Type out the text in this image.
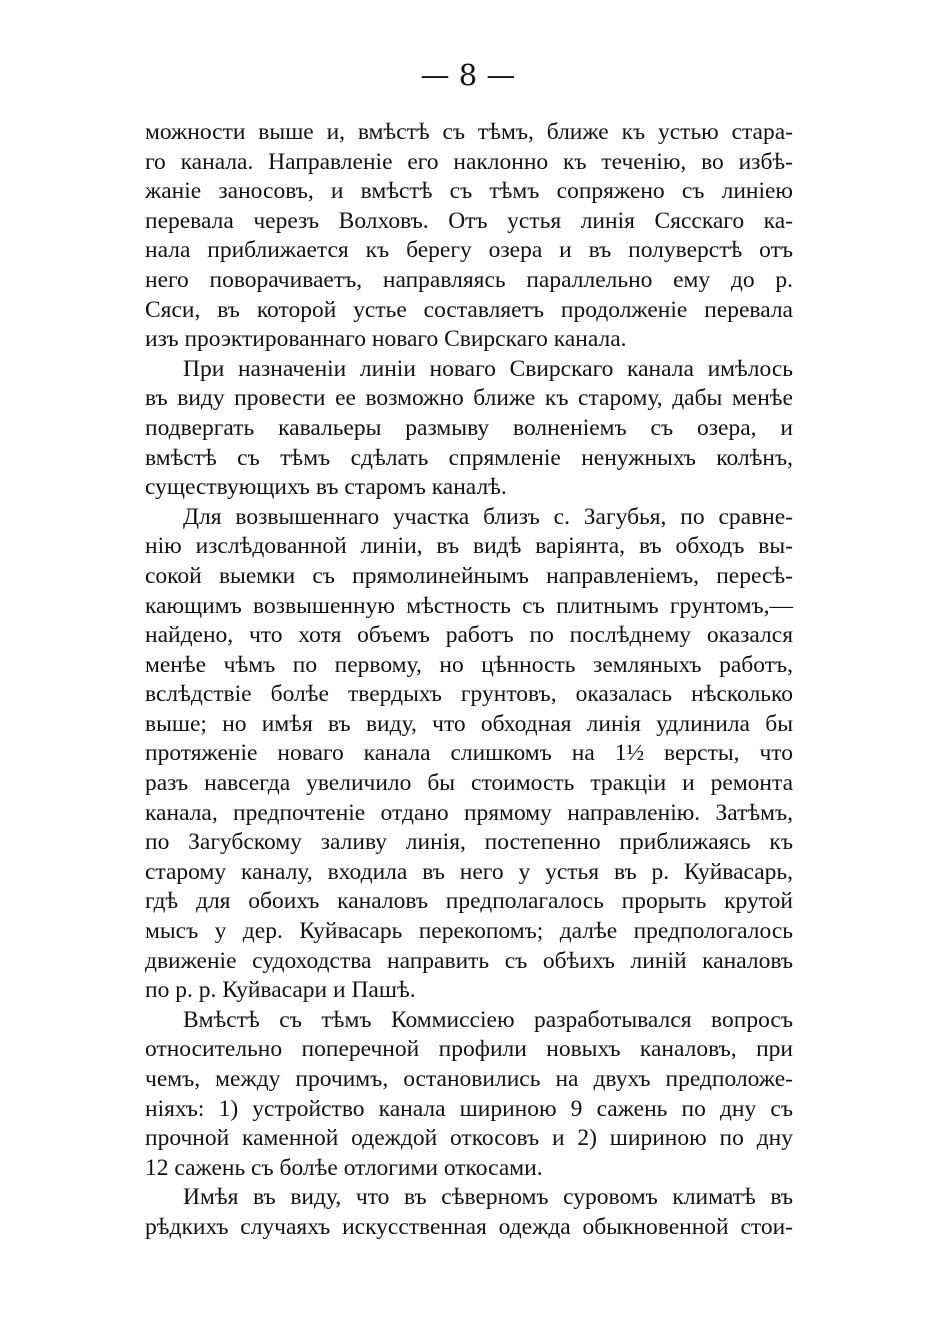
— 8 —
можности выше и, вмѣстѣ съ тѣмъ, ближе къ устью стара-
го канала. Направленіе его наклонно къ теченію, во избѣ-
жаніе заносовъ, и вмѣстѣ съ тѣмъ сопряжено съ линіею
перевала черезъ Волховъ. Отъ устья линія Сясскаго ка-
нала приближается къ берегу озера и въ полуверстѣ отъ
него поворачиваетъ, направляясь параллельно ему до р.
Сяси, въ которой устье составляетъ продолженіе перевала
изъ проэктированнаго новаго Свирскаго канала.
При назначеніи линіи новаго Свирскаго канала имѣлось
въ виду провести ее возможно ближе къ старому, дабы менѣе
подвергать кавальеры размыву волненіемъ съ озера, и
вмѣстѣ съ тѣмъ сдѣлать спрямленіе ненужныхъ колѣнъ,
существующихъ въ старомъ каналѣ.
Для возвышеннаго участка близъ с. Загубья, по сравне-
нію изслѣдованной линіи, въ видѣ варіянта, въ обходъ вы-
сокой выемки съ прямолинейнымъ направленіемъ, пересѣ-
кающимъ возвышенную мѣстность съ плитнымъ грунтомъ,—
найдено, что хотя объемъ работъ по послѣднему оказался
менѣе чѣмъ по первому, но цѣнность земляныхъ работъ,
вслѣдствіе болѣе твердыхъ грунтовъ, оказалась нѣсколько
выше; но имѣя въ виду, что обходная линія удлинила бы
протяженіе новаго канала слишкомъ на 1½ версты, что
разъ навсегда увеличило бы стоимость тракціи и ремонта
канала, предпочтеніе отдано прямому направленію. Затѣмъ,
по Загубскому заливу линія, постепенно приближаясь къ
старому каналу, входила въ него у устья въ р. Куйвасарь,
гдѣ для обоихъ каналовъ предполагалось прорыть крутой
мысъ у дер. Куйвасарь перекопомъ; далѣе предпологалось
движеніе судоходства направить съ обѣихъ линій каналовъ
по р. р. Куйвасари и Пашѣ.
Вмѣстѣ съ тѣмъ Коммиссіею разработывался вопросъ
относительно поперечной профили новыхъ каналовъ, при
чемъ, между прочимъ, остановились на двухъ предположе-
ніяхъ: 1) устройство канала шириною 9 сажень по дну съ
прочной каменной одеждой откосовъ и 2) шириною по дну
12 сажень съ болѣе отлогими откосами.
Имѣя въ виду, что въ сѣверномъ суровомъ климатѣ въ
рѣдкихъ случаяхъ искусственная одежда обыкновенной стои-
